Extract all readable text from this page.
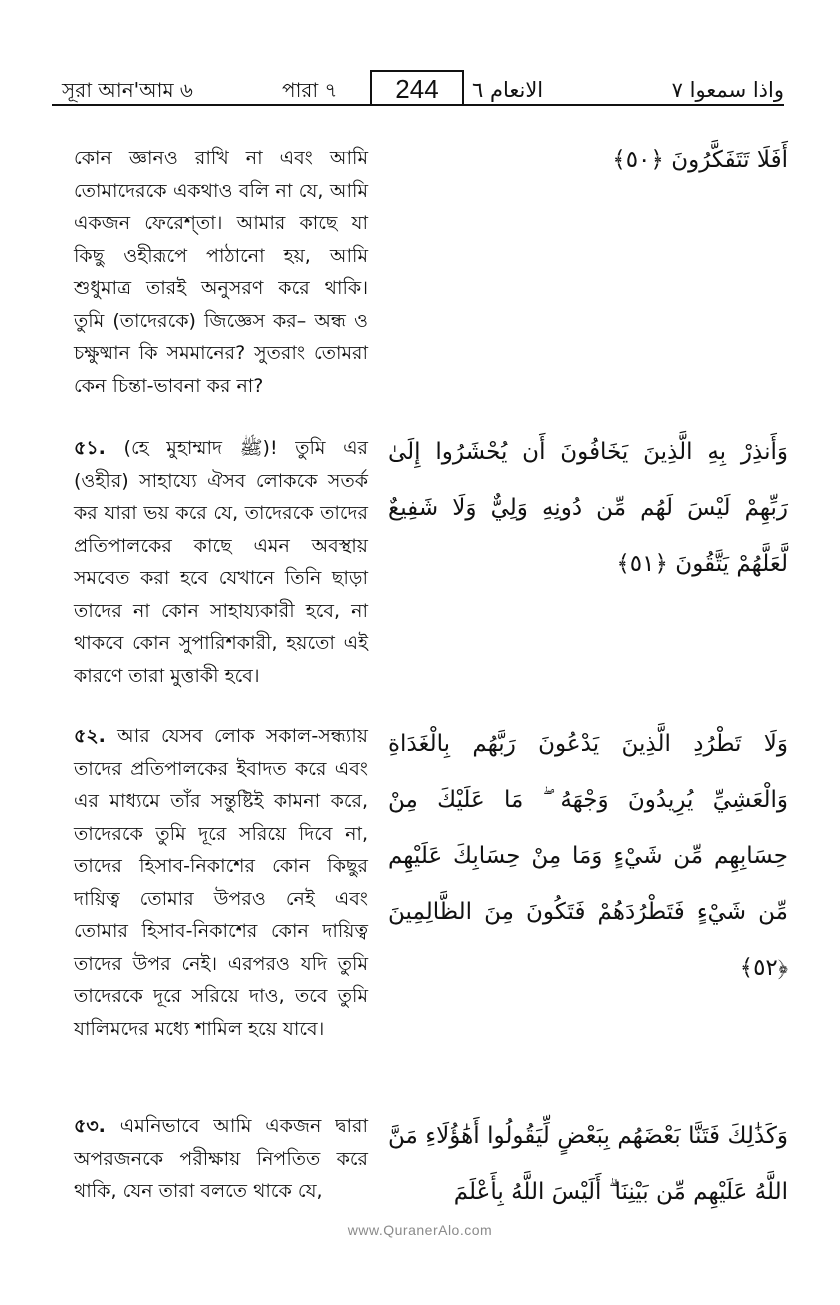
সূরা আন'আম ৬	পারা ৭	244	الانعام ٦	واذا سمعوا ٧
أَفَلَا تَتَفَكَّرُونَ ﴿٥٠﴾
কোন জ্ঞানও রাখি না এবং আমি তোমাদেরকে একথাও বলি না যে, আমি একজন ফেরেশ্‌তা। আমার কাছে যা কিছু ওহীরূপে পাঠানো হয়, আমি শুধুমাত্র তারই অনুসরণ করে থাকি। তুমি (তাদেরকে) জিজ্ঞেস কর– অন্ধ ও চক্ষুষ্মান কি সমমানের? সুতরাং তোমরা কেন চিন্তা-ভাবনা কর না?
وَأَنذِرْ بِهِ الَّذِينَ يَخَافُونَ أَن يُحْشَرُوا إِلَىٰ رَبِّهِمْ لَيْسَ لَهُم مِّن دُونِهِ وَلِيٌّ وَلَا شَفِيعٌ لَّعَلَّهُمْ يَتَّقُونَ ﴿٥١﴾
৫১. (হে মুহাম্মাদ ﷺ)! তুমি এর (ওহীর) সাহায্যে ঐসব লোককে সতর্ক কর যারা ভয় করে যে, তাদেরকে তাদের প্রতিপালকের কাছে এমন অবস্থায় সমবেত করা হবে যেখানে তিনি ছাড়া তাদের না কোন সাহায্যকারী হবে, না থাকবে কোন সুপারিশকারী, হয়তো এই কারণে তারা মুত্তাকী হবে।
وَلَا تَطْرُدِ الَّذِينَ يَدْعُونَ رَبَّهُم بِالْغَدَاةِ وَالْعَشِيِّ يُرِيدُونَ وَجْهَهُ ۖ مَا عَلَيْكَ مِنْ حِسَابِهِم مِّن شَيْءٍ وَمَا مِنْ حِسَابِكَ عَلَيْهِم مِّن شَيْءٍ فَتَطْرُدَهُمْ فَتَكُونَ مِنَ الظَّالِمِينَ ﴿٥٢﴾
৫২. আর যেসব লোক সকাল-সন্ধ্যায় তাদের প্রতিপালকের ইবাদত করে এবং এর মাধ্যমে তাঁর সন্তুষ্টিই কামনা করে, তাদেরকে তুমি দূরে সরিয়ে দিবে না, তাদের হিসাব-নিকাশের কোন কিছুর দায়িত্ব তোমার উপরও নেই এবং তোমার হিসাব-নিকাশের কোন দায়িত্ব তাদের উপর নেই। এরপরও যদি তুমি তাদেরকে দূরে সরিয়ে দাও, তবে তুমি যালিমদের মধ্যে শামিল হয়ে যাবে।
وَكَذَٰلِكَ فَتَنَّا بَعْضَهُم بِبَعْضٍ لِّيَقُولُوا أَهَٰؤُلَاءِ مَنَّ اللَّهُ عَلَيْهِم مِّن بَيْنِنَا ۗ أَلَيْسَ اللَّهُ بِأَعْلَمَ
৫৩. এমনিভাবে আমি একজন দ্বারা অপরজনকে পরীক্ষায় নিপতিত করে থাকি, যেন তারা বলতে থাকে যে,
www.QuranerAlo.com
